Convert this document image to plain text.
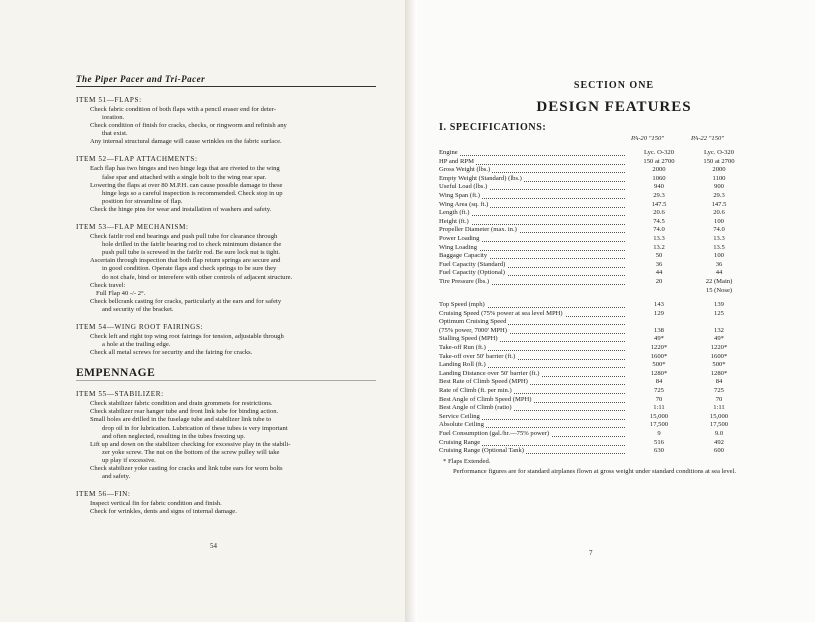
The Piper Pacer and Tri-Pacer
ITEM 51—FLAPS:
Check fabric condition of both flaps with a pencil eraser end for deter-
ioration.
Check condition of finish for cracks, checks, or ringworm and refinish any
that exist.
Any internal structural damage will cause wrinkles on the fabric surface.
ITEM 52—FLAP ATTACHMENTS:
Each flap has two hinges and two hinge legs that are riveted to the wing
false spar and attached with a single bolt to the wing rear spar.
Lowering the flaps at over 80 M.P.H. can cause possible damage to these
hinge legs so a careful inspection is recommended. Check stop in up
position for streamline of flap.
Check the hinge pins for wear and installation of washers and safety.
ITEM 53—FLAP MECHANISM:
Check fairlir rod end bearings and push pull tube for clearance through
hole drilled in the fairlir bearing rod to check minimum distance the
push pull tube is screwed in the fairlir rod. Be sure lock nut is tight.
Ascertain through inspection that both flap return springs are secure and
in good condition. Operate flaps and check springs to be sure they
do not chafe, bind or interefere with other controls of adjacent structure.
Check travel:
Full Flap 40 -/- 2°.
Check bellcrank casting for cracks, particularly at the ears and for safety
and security of the bracket.
ITEM 54—WING ROOT FAIRINGS:
Check left and right top wing root fairings for tension, adjustable through
a hole at the trailing edge.
Check all metal screws for security and the fairing for cracks.
EMPENNAGE
ITEM 55—STABILIZER:
Check stabilizer fabric condition and drain grommets for restrictions.
Check stabilizer rear hanger tube and front link tube for binding action.
Small holes are drilled in the fuselage tube and stabilizer link tube to
drop oil in for lubrication. Lubrication of these tubes is very important
and often neglected, resulting in the tubes freezing up.
Lift up and down on the stabilizer checking for excessive play in the stabili-
zer yoke screw. The nut on the bottom of the screw pulley will take
up play if excessive.
Check stabilizer yoke casting for cracks and link tube ears for worn bolts
and safety.
ITEM 56—FIN:
Inspect vertical fin for fabric condition and finish.
Check for wrinkles, dents and signs of internal damage.
54
SECTION ONE
DESIGN FEATURES
I. SPECIFICATIONS:
PA-20 "150"	PA-22 "150"
Engine	Lyc. O-320	Lyc. O-320

HP and RPM	150 at 2700	150 at 2700

Gross Weight (lbs.)	2000	2000

Empty Weight (Standard) (lbs.)	1060	1100

Useful Load (lbs.)	940	900

Wing Span (ft.)	29.3	29.3

Wing Area (sq. ft.)	147.5	147.5

Length (ft.)	20.6	20.6

Height (ft.)	74.5	100

Propeller Diameter (max. in.)	74.0	74.0

Power Loading	13.3	13.3

Wing Loading	13.2	13.5

Baggage Capacity	50	100

Fuel Capacity (Standard)	36	36

Fuel Capacity (Optional)	44	44

Tire Pressure (lbs.)	20	22 (Main)
		15 (Nose)

Top Speed (mph)	143	139

Cruising Speed (75% power at sea level MPH)	129	125

Optimum Cruising Speed		

(75% power, 7000' MPH)	138	132

Stalling Speed (MPH)	49*	49*

Take-off Run (ft.)	1220*	1220*

Take-off over 50' barrier (ft.)	1600*	1600*

Landing Roll (ft.)	500*	500*

Landing Distance over 50' barrier (ft.)	1280*	1280*

Best Rate of Climb Speed (MPH)	84	84

Rate of Climb (ft. per min.)	725	725

Best Angle of Climb Speed (MPH)	70	70

Best Angle of Climb (ratio)	1:11	1:11

Service Ceiling	15,000	15,000

Absolute Ceiling	17,500	17,500

Fuel Consumption (gal./hr.—75% power)	9	9.0

Cruising Range	516	492

Cruising Range (Optional Tank)	630	600
* Flaps Extended.
Performance figures are for standard airplanes flown at gross weight under standard conditions at sea level.
7
